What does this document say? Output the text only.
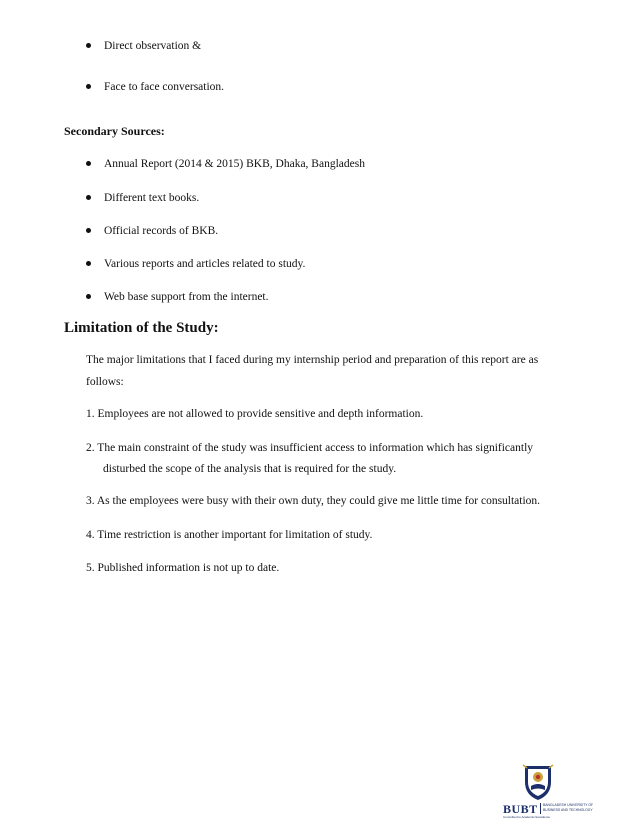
Direct observation &
Face to face conversation.
Secondary Sources:
Annual Report (2014 & 2015) BKB, Dhaka, Bangladesh
Different text books.
Official records of BKB.
Various reports and articles related to study.
Web base support from the internet.
Limitation of the Study:
The major limitations that I faced during my internship period and preparation of this report are as
follows:
1. Employees are not allowed to provide sensitive and depth information.
2. The main constraint of the study was insufficient access to information which has significantly
disturbed the scope of the analysis that is required for the study.
3. As the employees were busy with their own duty, they could give me little time for consultation.
4. Time restriction is another important for limitation of study.
5. Published information is not up to date.
BUBT	BANGLADESH UNIVERSITY OF
BUSINESS AND TECHNOLOGY
Committed to Academic Excellence
